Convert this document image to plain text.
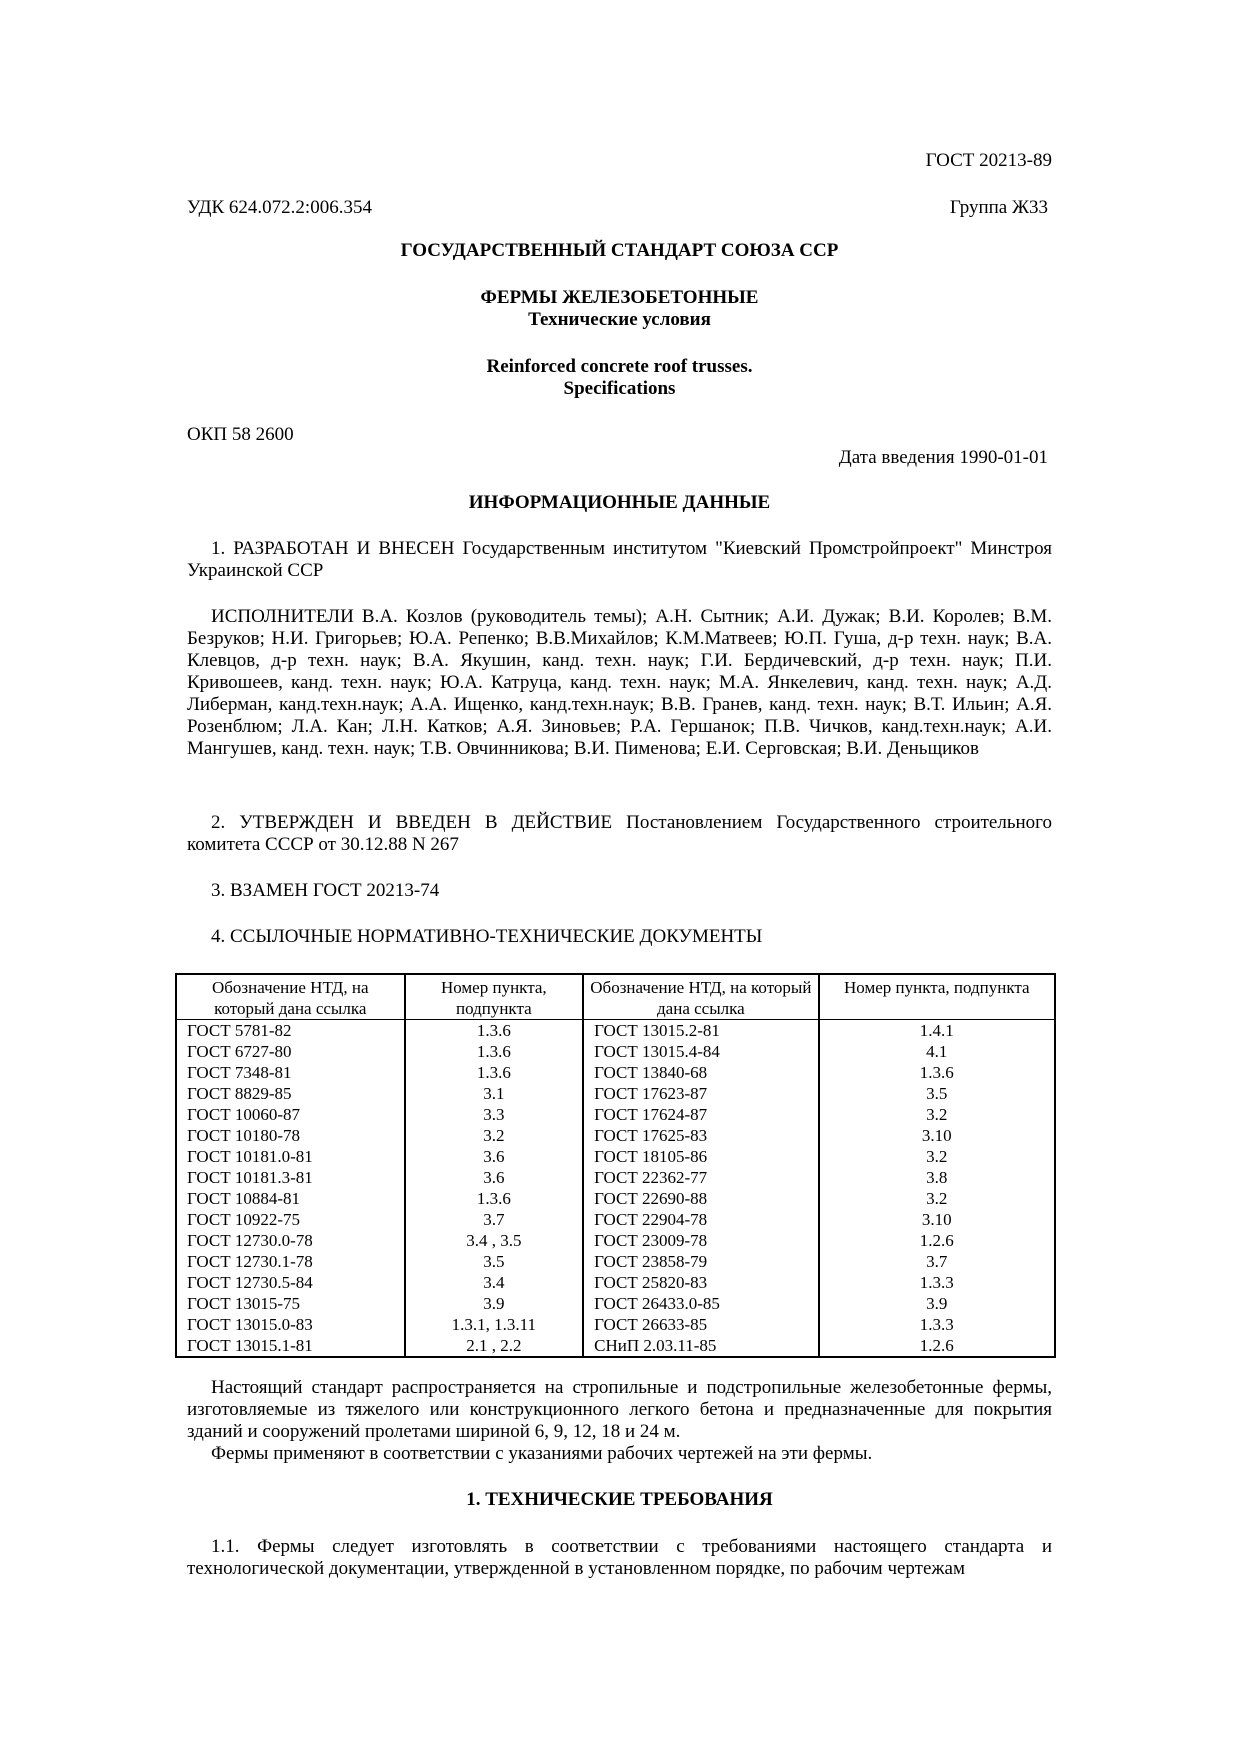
ГОСТ 20213-89
УДК 624.072.2:006.354	Группа Ж33
ГОСУДАРСТВЕННЫЙ СТАНДАРТ СОЮЗА ССР
ФЕРМЫ ЖЕЛЕЗОБЕТОННЫЕ
Технические условия
Reinforced concrete roof trusses.
Specifications
ОКП 58 2600
Дата введения 1990-01-01
ИНФОРМАЦИОННЫЕ ДАННЫЕ

1. РАЗРАБОТАН И ВНЕСЕН Государственным институтом "Киевский Промстройпроект" Минстроя Украинской ССР

ИСПОЛНИТЕЛИ В.А. Козлов (руководитель темы); А.Н. Сытник; А.И. Дужак; В.И. Королев; В.М. Безруков; Н.И. Григорьев; Ю.А. Репенко; В.В.Михайлов; К.М.Матвеев; Ю.П. Гуша, д-р техн. наук; В.А. Клевцов, д-р техн. наук; В.А. Якушин, канд. техн. наук; Г.И. Бердичевский, д-р техн. наук; П.И. Кривошеев, канд. техн. наук; Ю.А. Катруца, канд. техн. наук; М.А. Янкелевич, канд. техн. наук; А.Д. Либерман, канд.техн.наук; А.А. Ищенко, канд.техн.наук; В.В. Гранев, канд. техн. наук; В.Т. Ильин; А.Я. Розенблюм; Л.А. Кан; Л.Н. Катков; А.Я. Зиновьев; Р.А. Гершанок; П.В. Чичков, канд.техн.наук; А.И. Мангушев, канд. техн. наук; Т.В. Овчинникова; В.И. Пименова; Е.И. Серговская; В.И. Деньщиков

2. УТВЕРЖДЕН И ВВЕДЕН В ДЕЙСТВИЕ Постановлением Государственного строительного комитета СССР от 30.12.88 N 267

3. ВЗАМЕН ГОСТ 20213-74

4. ССЫЛОЧНЫЕ НОРМАТИВНО-ТЕХНИЧЕСКИЕ ДОКУМЕНТЫ

Обозначение НТД, на который дана ссылка	Номер пункта, подпункта	Обозначение НТД, на который дана ссылка	Номер пункта, подпункта
ГОСТ 5781-82	1.3.6	ГОСТ 13015.2-81	1.4.1
ГОСТ 6727-80	1.3.6	ГОСТ 13015.4-84	4.1
ГОСТ 7348-81	1.3.6	ГОСТ 13840-68	1.3.6
ГОСТ 8829-85	3.1	ГОСТ 17623-87	3.5
ГОСТ 10060-87	3.3	ГОСТ 17624-87	3.2
ГОСТ 10180-78	3.2	ГОСТ 17625-83	3.10
ГОСТ 10181.0-81	3.6	ГОСТ 18105-86	3.2
ГОСТ 10181.3-81	3.6	ГОСТ 22362-77	3.8
ГОСТ 10884-81	1.3.6	ГОСТ 22690-88	3.2
ГОСТ 10922-75	3.7	ГОСТ 22904-78	3.10
ГОСТ 12730.0-78	3.4 , 3.5	ГОСТ 23009-78	1.2.6
ГОСТ 12730.1-78	3.5	ГОСТ 23858-79	3.7
ГОСТ 12730.5-84	3.4	ГОСТ 25820-83	1.3.3
ГОСТ 13015-75	3.9	ГОСТ 26433.0-85	3.9
ГОСТ 13015.0-83	1.3.1, 1.3.11	ГОСТ 26633-85	1.3.3
ГОСТ 13015.1-81	2.1 , 2.2	СНиП 2.03.11-85	1.2.6

Настоящий стандарт распространяется на стропильные и подстропильные железобетонные фермы, изготовляемые из тяжелого или конструкционного легкого бетона и предназначенные для покрытия зданий и сооружений пролетами шириной 6, 9, 12, 18 и 24 м.

Фермы применяют в соответствии с указаниями рабочих чертежей на эти фермы.

1. ТЕХНИЧЕСКИЕ ТРЕБОВАНИЯ

1.1. Фермы следует изготовлять в соответствии с требованиями настоящего стандарта и технологической документации, утвержденной в установленном порядке, по рабочим чертежам
